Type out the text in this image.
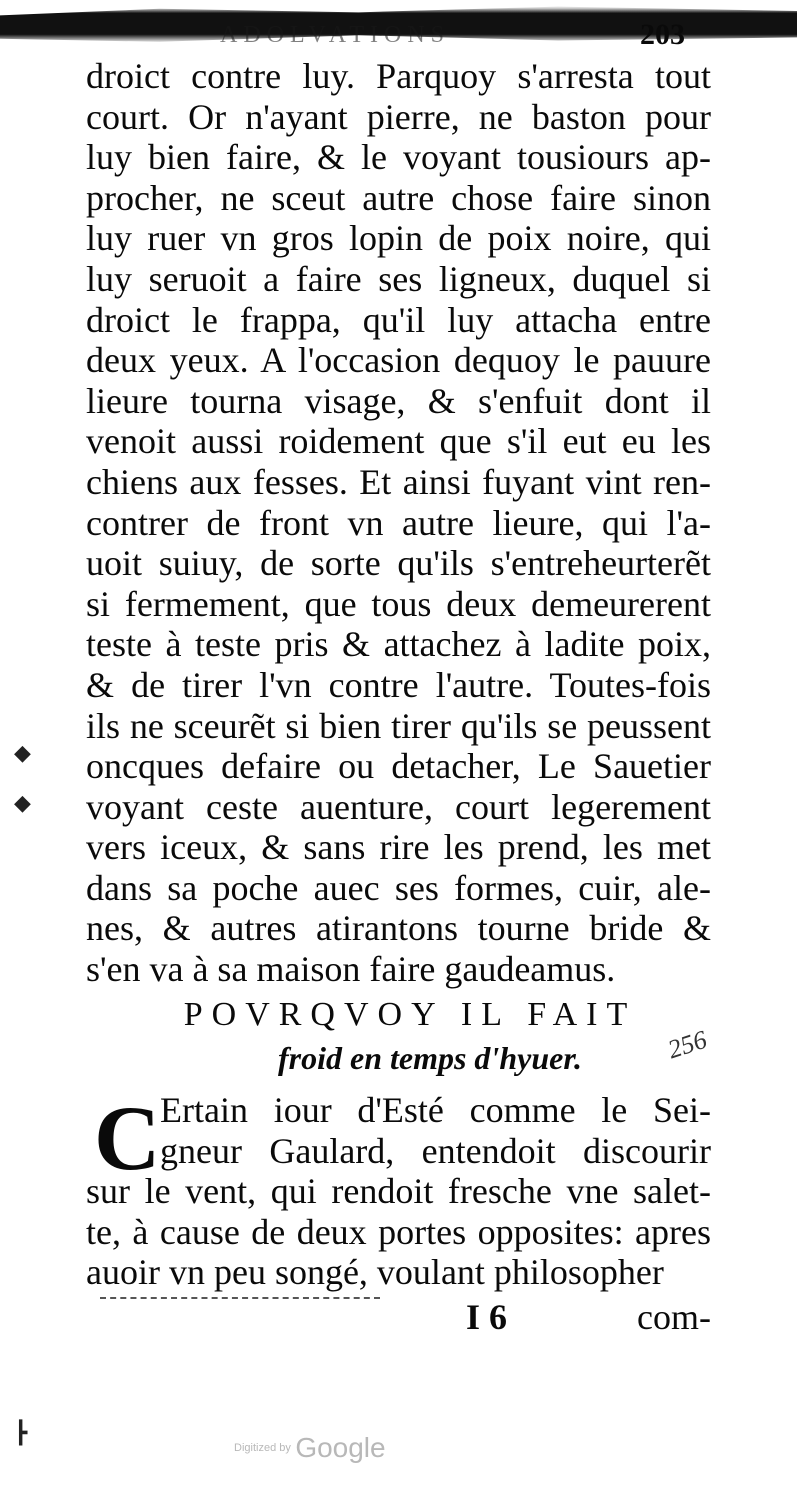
ADOLVATIONS	203
droict contre luy. Parquoy s'arresta tout
court. Or n'ayant pierre, ne baston pour
luy bien faire, & le voyant tousiours ap-
procher, ne sceut autre chose faire sinon
luy ruer vn gros lopin de poix noire, qui
luy seruoit a faire ses ligneux, duquel si
droict le frappa, qu'il luy attacha entre
deux yeux. A l'occasion dequoy le pauure
lieure tourna visage, & s'enfuit dont il
venoit aussi roidement que s'il eut eu les
chiens aux fesses. Et ainsi fuyant vint ren-
contrer de front vn autre lieure, qui l'a-
uoit suiuy, de sorte qu'ils s'entreheurterẽt
si fermement, que tous deux demeurerent
teste à teste pris & attachez à ladite poix,
& de tirer l'vn contre l'autre. Toutes-fois
ils ne sceurẽt si bien tirer qu'ils se peussent
oncques defaire ou detacher, Le Sauetier
voyant ceste auenture, court legerement
vers iceux, & sans rire les prend, les met
dans sa poche auec ses formes, cuir, ale-
nes, & autres atirantons tourne bride &
s'en va à sa maison faire gaudeamus.
POVRQVOY IL FAIT
froid en temps d'hyuer.	256
C Ertain iour d'Esté comme le Sei-
gneur Gaulard, entendoit discourir
sur le vent, qui rendoit fresche vne salet-
te, à cause de deux portes opposites: apres
auoir vn peu songé, voulant philosopher
I 6	com-
◆
◆
┣
Digitized by Google
